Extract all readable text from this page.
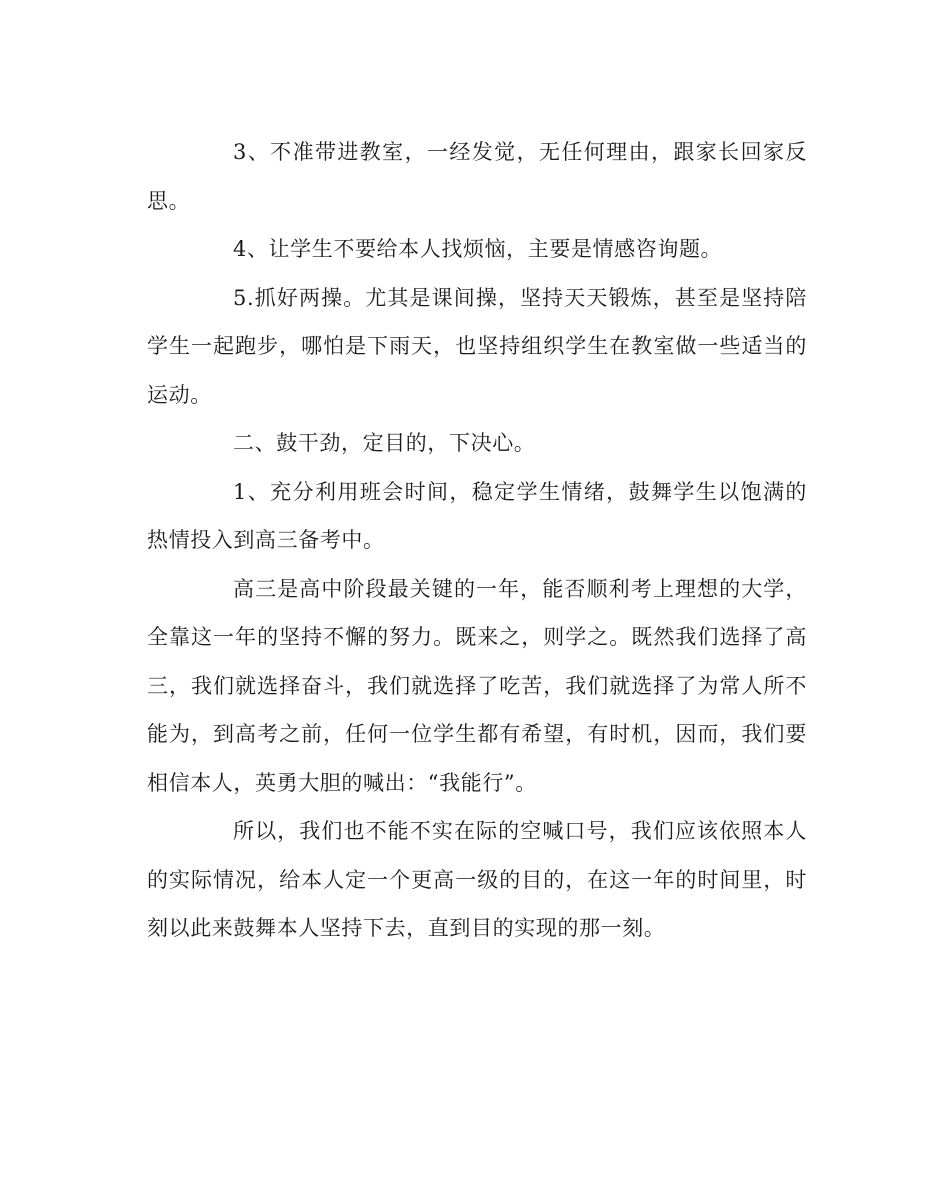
3、不准带进教室，一经发觉，无任何理由，跟家长回家反思。

4、让学生不要给本人找烦恼，主要是情感咨询题。

5.抓好两操。尤其是课间操，坚持天天锻炼，甚至是坚持陪学生一起跑步，哪怕是下雨天，也坚持组织学生在教室做一些适当的运动。

二、鼓干劲，定目的，下决心。

1、充分利用班会时间，稳定学生情绪，鼓舞学生以饱满的热情投入到高三备考中。

高三是高中阶段最关键的一年，能否顺利考上理想的大学，全靠这一年的坚持不懈的努力。既来之，则学之。既然我们选择了高三，我们就选择奋斗，我们就选择了吃苦，我们就选择了为常人所不能为，到高考之前，任何一位学生都有希望，有时机，因而，我们要相信本人，英勇大胆的喊出：“我能行”。

所以，我们也不能不实在际的空喊口号，我们应该依照本人的实际情况，给本人定一个更高一级的目的，在这一年的时间里，时刻以此来鼓舞本人坚持下去，直到目的实现的那一刻。
